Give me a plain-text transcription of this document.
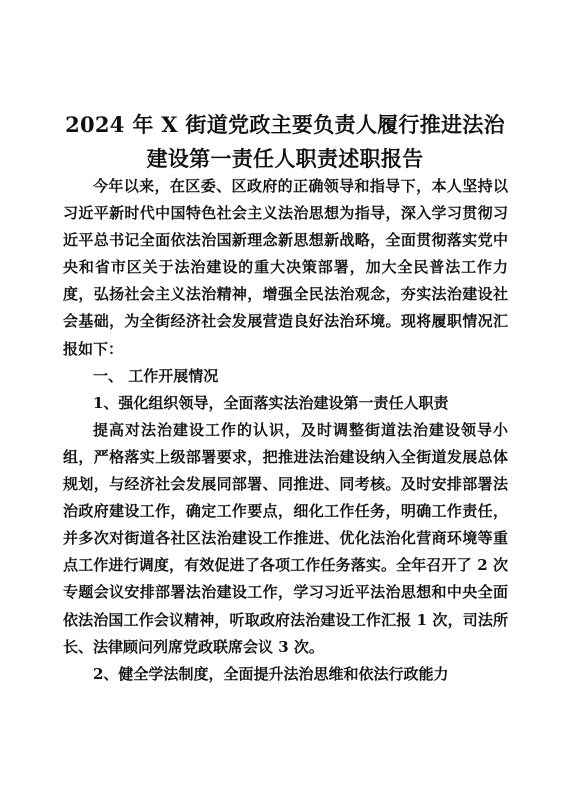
2024 年 X 街道党政主要负责人履行推进法治
建设第一责任人职责述职报告

今年以来，在区委、区政府的正确领导和指导下，本人坚持以习近平新时代中国特色社会主义法治思想为指导，深入学习贯彻习近平总书记全面依法治国新理念新思想新战略，全面贯彻落实党中央和省市区关于法治建设的重大决策部署，加大全民普法工作力度，弘扬社会主义法治精神，增强全民法治观念，夯实法治建设社会基础，为全街经济社会发展营造良好法治环境。现将履职情况汇报如下：

一、 工作开展情况

1、强化组织领导，全面落实法治建设第一责任人职责

提高对法治建设工作的认识，及时调整街道法治建设领导小组，严格落实上级部署要求，把推进法治建设纳入全街道发展总体规划，与经济社会发展同部署、同推进、同考核。及时安排部署法治政府建设工作，确定工作要点，细化工作任务，明确工作责任，并多次对街道各社区法治建设工作推进、优化法治化营商环境等重点工作进行调度，有效促进了各项工作任务落实。全年召开了 2 次专题会议安排部署法治建设工作，学习习近平法治思想和中央全面依法治国工作会议精神，听取政府法治建设工作汇报 1 次，司法所长、法律顾问列席党政联席会议 3 次。

2、健全学法制度，全面提升法治思维和依法行政能力
